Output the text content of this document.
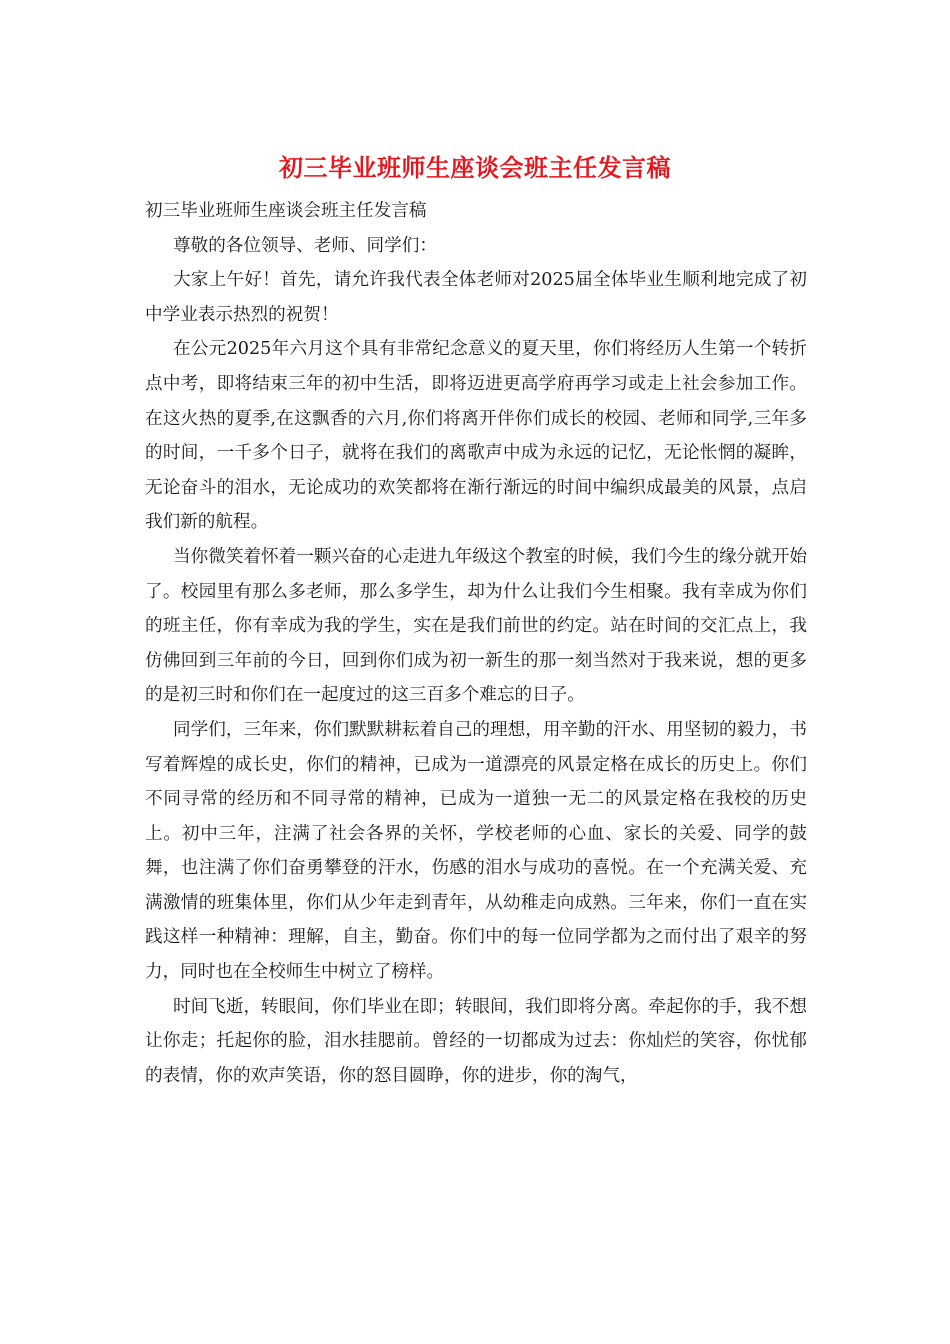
初三毕业班师生座谈会班主任发言稿

初三毕业班师生座谈会班主任发言稿

尊敬的各位领导、老师、同学们：

大家上午好！首先，请允许我代表全体老师对2025届全体毕业生顺利地完成了初中学业表示热烈的祝贺！

在公元2025年六月这个具有非常纪念意义的夏天里，你们将经历人生第一个转折点中考，即将结束三年的初中生活，即将迈进更高学府再学习或走上社会参加工作。在这火热的夏季,在这飘香的六月,你们将离开伴你们成长的校园、老师和同学,三年多的时间，一千多个日子，就将在我们的离歌声中成为永远的记忆，无论怅惘的凝眸，无论奋斗的泪水，无论成功的欢笑都将在渐行渐远的时间中编织成最美的风景，点启我们新的航程。

当你微笑着怀着一颗兴奋的心走进九年级这个教室的时候，我们今生的缘分就开始了。校园里有那么多老师，那么多学生，却为什么让我们今生相聚。我有幸成为你们的班主任，你有幸成为我的学生，实在是我们前世的约定。站在时间的交汇点上，我仿佛回到三年前的今日，回到你们成为初一新生的那一刻当然对于我来说，想的更多的是初三时和你们在一起度过的这三百多个难忘的日子。

同学们，三年来，你们默默耕耘着自己的理想，用辛勤的汗水、用坚韧的毅力，书写着辉煌的成长史，你们的精神，已成为一道漂亮的风景定格在成长的历史上。你们不同寻常的经历和不同寻常的精神，已成为一道独一无二的风景定格在我校的历史上。初中三年，注满了社会各界的关怀，学校老师的心血、家长的关爱、同学的鼓舞，也注满了你们奋勇攀登的汗水，伤感的泪水与成功的喜悦。在一个充满关爱、充满激情的班集体里，你们从少年走到青年，从幼稚走向成熟。三年来，你们一直在实践这样一种精神：理解，自主，勤奋。你们中的每一位同学都为之而付出了艰辛的努力，同时也在全校师生中树立了榜样。

时间飞逝，转眼间，你们毕业在即；转眼间，我们即将分离。牵起你的手，我不想让你走；托起你的脸，泪水挂腮前。曾经的一切都成为过去：你灿烂的笑容，你忧郁的表情，你的欢声笑语，你的怒目圆睁，你的进步，你的淘气，
